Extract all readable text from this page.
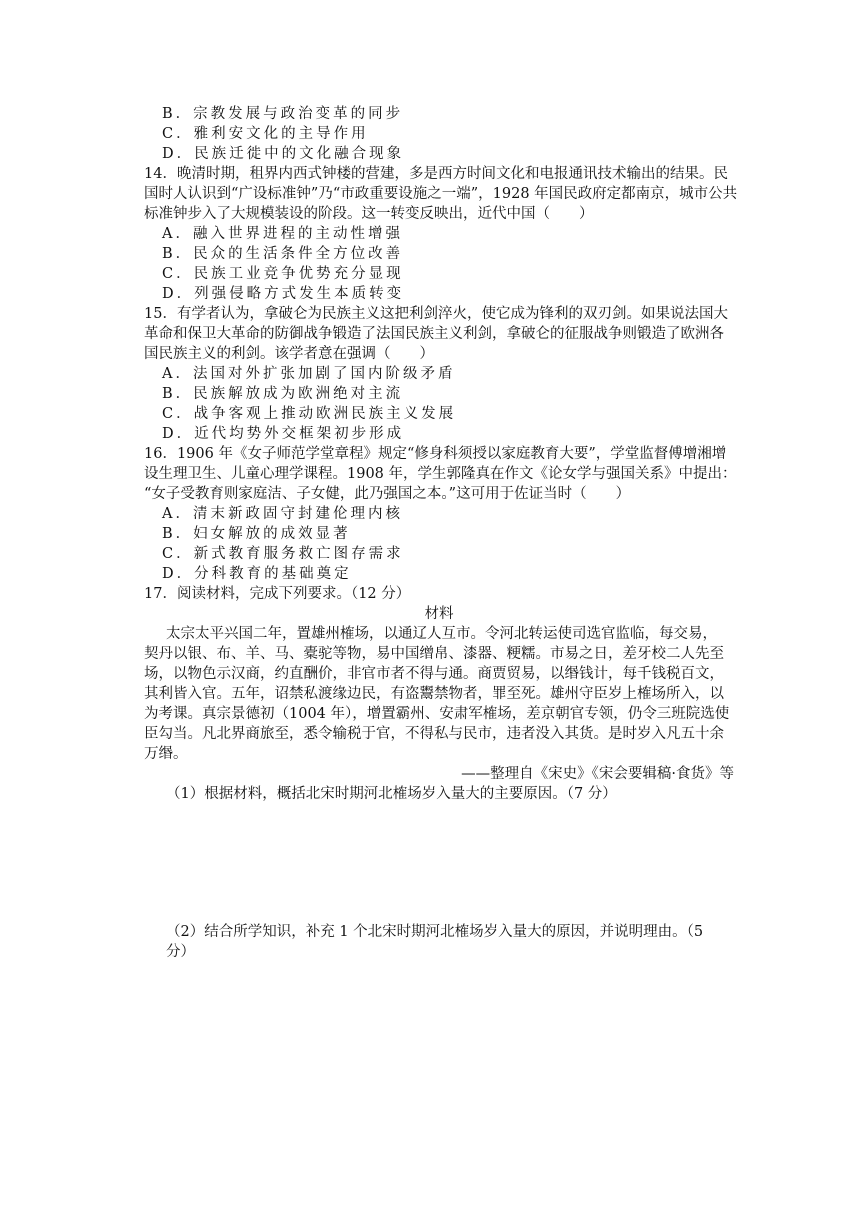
B．宗教发展与政治变革的同步
C．雅利安文化的主导作用
D．民族迁徙中的文化融合现象
14．晚清时期，租界内西式钟楼的营建，多是西方时间文化和电报通讯技术输出的结果。民
国时人认识到“广设标准钟”乃“市政重要设施之一端”，1928 年国民政府定都南京，城市公共
标准钟步入了大规模装设的阶段。这一转变反映出，近代中国（　　）
A．融入世界进程的主动性增强
B．民众的生活条件全方位改善
C．民族工业竞争优势充分显现
D．列强侵略方式发生本质转变
15．有学者认为，拿破仑为民族主义这把利剑淬火，使它成为锋利的双刃剑。如果说法国大
革命和保卫大革命的防御战争锻造了法国民族主义利剑，拿破仑的征服战争则锻造了欧洲各
国民族主义的利剑。该学者意在强调（　　）
A．法国对外扩张加剧了国内阶级矛盾
B．民族解放成为欧洲绝对主流
C．战争客观上推动欧洲民族主义发展
D．近代均势外交框架初步形成
16．1906 年《女子师范学堂章程》规定“修身科须授以家庭教育大要”，学堂监督傅增湘增
设生理卫生、儿童心理学课程。1908 年，学生郭隆真在作文《论女学与强国关系》中提出：
“女子受教育则家庭洁、子女健，此乃强国之本。”这可用于佐证当时（　　）
A．清末新政固守封建伦理内核
B．妇女解放的成效显著
C．新式教育服务救亡图存需求
D．分科教育的基础奠定
17．阅读材料，完成下列要求。（12 分）
材料
太宗太平兴国二年，置雄州榷场，以通辽人互市。令河北转运使司选官监临，每交易，
契丹以银、布、羊、马、橐驼等物，易中国缯帛、漆器、粳糯。市易之日，差牙校二人先至
场，以物色示汉商，约直酬价，非官市者不得与通。商贾贸易，以缗钱计，每千钱税百文，
其利皆入官。五年，诏禁私渡缘边民，有盗鬻禁物者，罪至死。雄州守臣岁上榷场所入，以
为考课。真宗景德初（1004 年），增置霸州、安肃军榷场，差京朝官专领，仍令三班院选使
臣勾当。凡北界商旅至，悉令输税于官，不得私与民市，违者没入其货。是时岁入凡五十余
万缗。
——整理自《宋史》《宋会要辑稿·食货》等
（1）根据材料，概括北宋时期河北榷场岁入量大的主要原因。（7 分）
（2）结合所学知识，补充 1 个北宋时期河北榷场岁入量大的原因，并说明理由。（5
分）
